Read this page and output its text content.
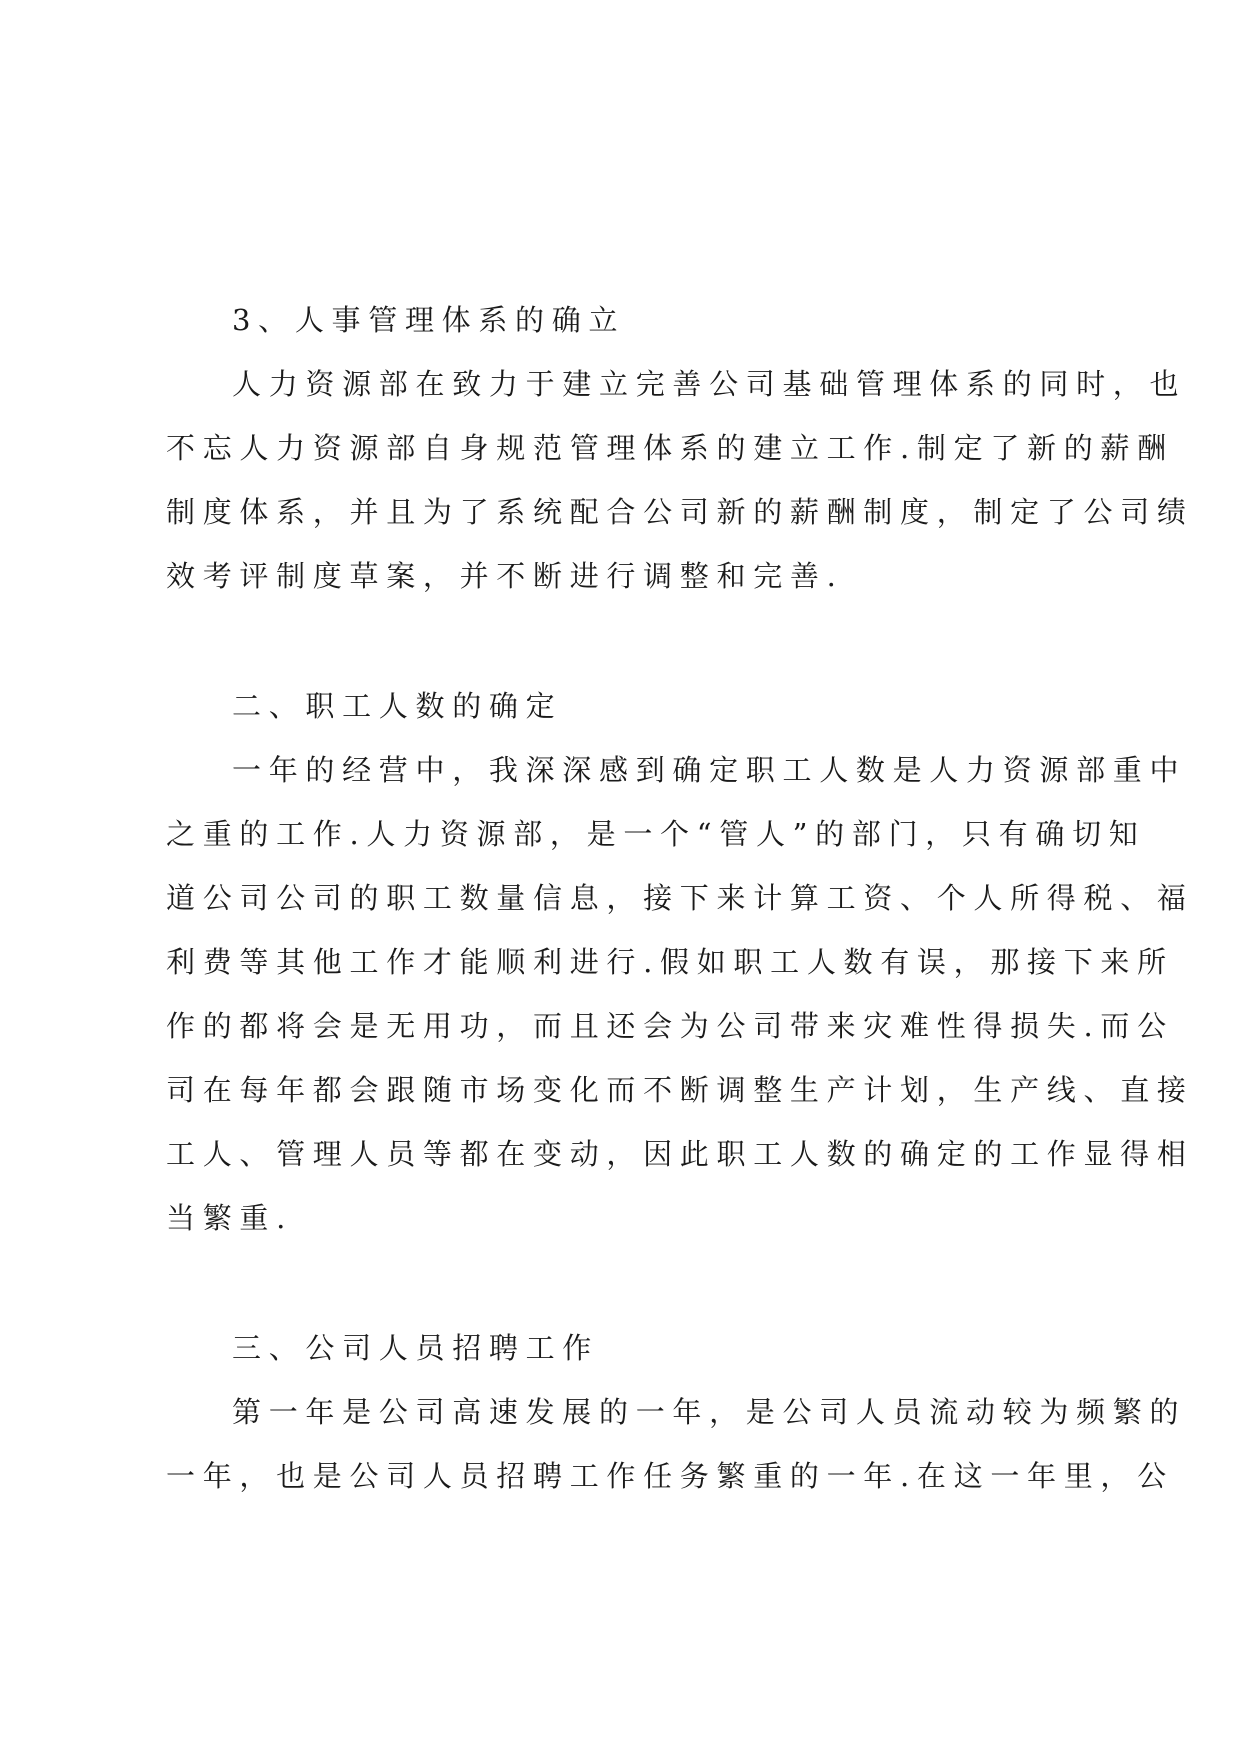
3、人事管理体系的确立
人力资源部在致力于建立完善公司基础管理体系的同时，也
不忘人力资源部自身规范管理体系的建立工作.制定了新的薪酬
制度体系，并且为了系统配合公司新的薪酬制度，制定了公司绩
效考评制度草案，并不断进行调整和完善.
二、职工人数的确定
一年的经营中，我深深感到确定职工人数是人力资源部重中
之重的工作.人力资源部，是一个“管人”的部门，只有确切知
道公司公司的职工数量信息，接下来计算工资、个人所得税、福
利费等其他工作才能顺利进行.假如职工人数有误，那接下来所
作的都将会是无用功，而且还会为公司带来灾难性得损失.而公
司在每年都会跟随市场变化而不断调整生产计划，生产线、直接
工人、管理人员等都在变动，因此职工人数的确定的工作显得相
当繁重.
三、公司人员招聘工作
第一年是公司高速发展的一年，是公司人员流动较为频繁的
一年，也是公司人员招聘工作任务繁重的一年.在这一年里，公
